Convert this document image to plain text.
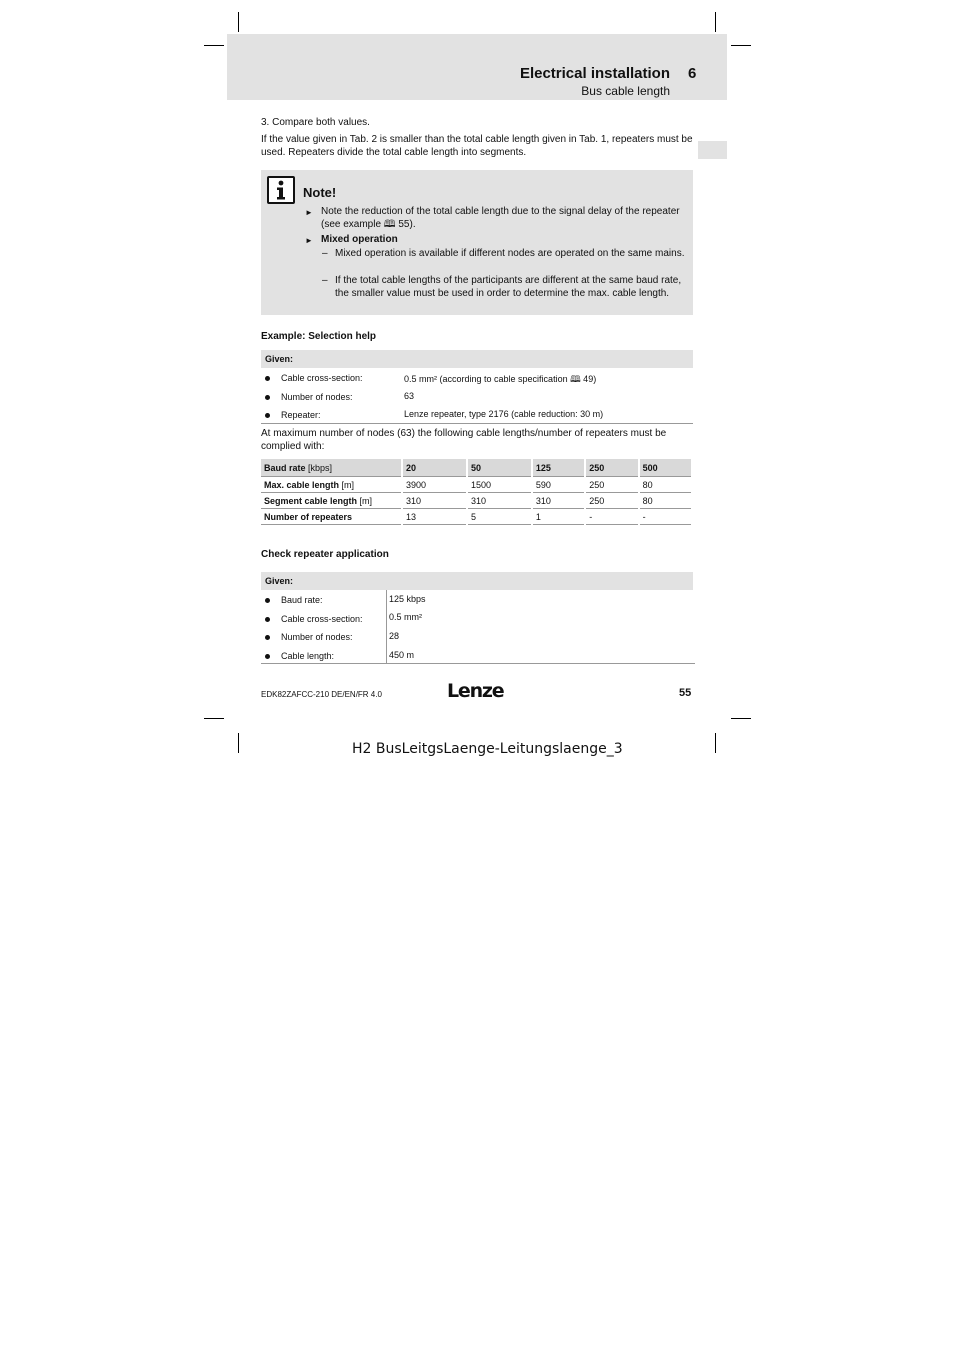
Electrical installation 6
Bus cable length
3. Compare both values.
If the value given in Tab. 2 is smaller than the total cable length given in Tab. 1, repeaters must be used. Repeaters divide the total cable length into segments.
Note!
► Note the reduction of the total cable length due to the signal delay of the repeater (see example 🕮 55).
► Mixed operation
– Mixed operation is available if different nodes are operated on the same mains.
– If the total cable lengths of the participants are different at the same baud rate, the smaller value must be used in order to determine the max. cable length.
Example: Selection help
Given:
Cable cross-section:	0.5 mm² (according to cable specification 🕮 49)
Number of nodes:	63
Repeater:	Lenze repeater, type 2176 (cable reduction: 30 m)
At maximum number of nodes (63) the following cable lengths/number of repeaters must be complied with:
Baud rate [kbps]	20	50	125	250	500
Max. cable length [m]	3900	1500	590	250	80
Segment cable length [m]	310	310	310	250	80
Number of repeaters	13	5	1	-	-
Check repeater application
Given:
Baud rate:	125 kbps
Cable cross-section:	0.5 mm²
Number of nodes:	28
Cable length:	450 m
EDK82ZAFCC-210 DE/EN/FR 4.0	Lenze	55
H2 BusLeitgsLaenge-Leitungslaenge_3
